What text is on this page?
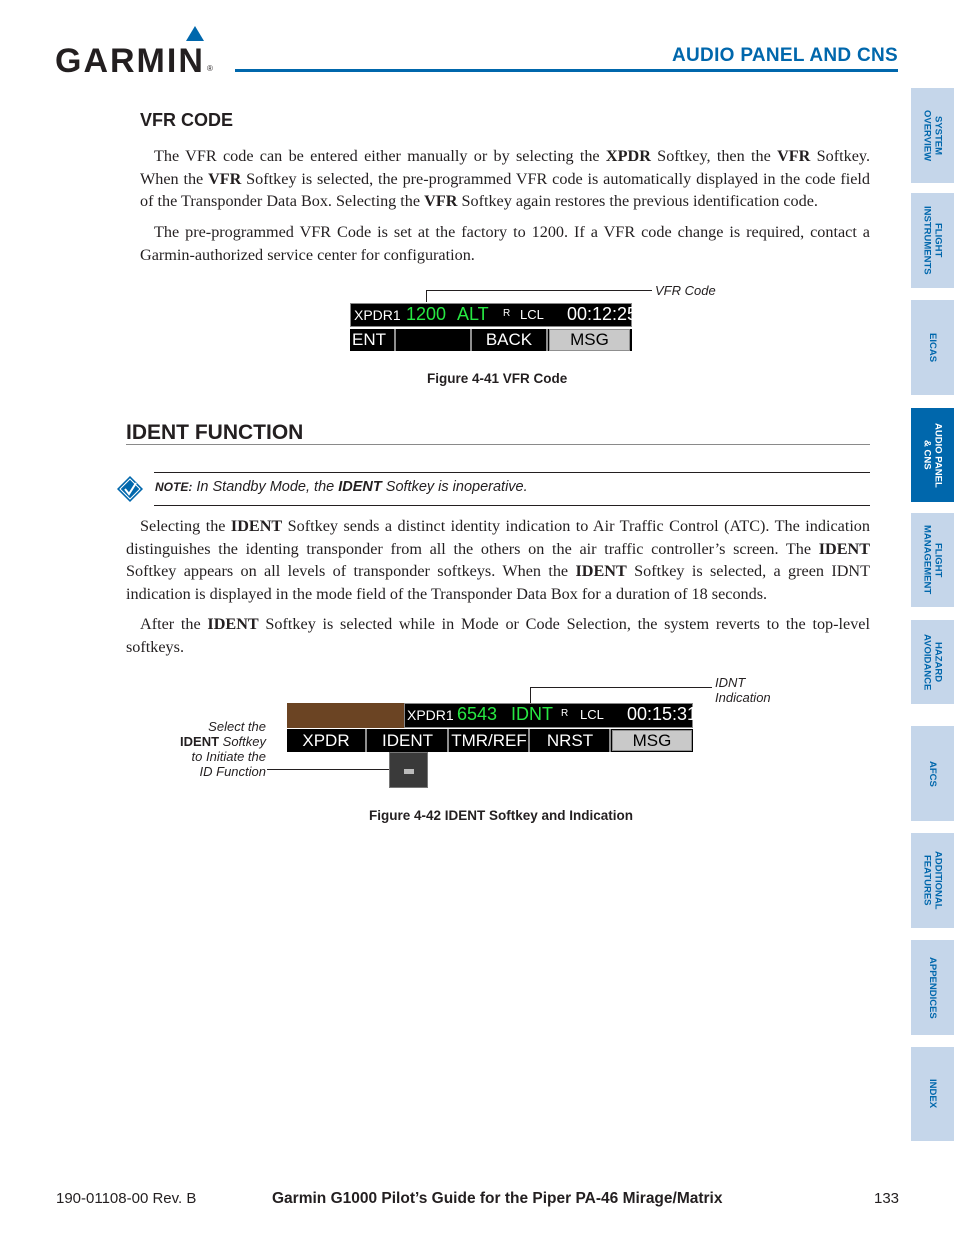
GARMIN ®
AUDIO PANEL AND CNS
SYSTEM
OVERVIEW
FLIGHT
INSTRUMENTS
EICAS
AUDIO PANEL
& CNS
FLIGHT
MANAGEMENT
HAZARD
AVOIDANCE
AFCS
ADDITIONAL
FEATURES
APPENDICES
INDEX
VFR CODE
The VFR code can be entered either manually or by selecting the XPDR Softkey, then the VFR Softkey. When the VFR Softkey is selected, the pre-programmed VFR code is automatically displayed in the code field of the Transponder Data Box. Selecting the VFR Softkey again restores the previous identification code.
The pre-programmed VFR Code is set at the factory to 1200. If a VFR code change is required, contact a Garmin-authorized service center for configuration.
VFR Code
XPDR1 1200 ALT R LCL 00:12:25
ENT	BACK	MSG
Figure 4-41 VFR Code
IDENT FUNCTION
NOTE: In Standby Mode, the IDENT Softkey is inoperative.
Selecting the IDENT Softkey sends a distinct identity indication to Air Traffic Control (ATC). The indication distinguishes the identing transponder from all the others on the air traffic controller’s screen. The IDENT Softkey appears on all levels of transponder softkeys. When the IDENT Softkey is selected, a green IDNT indication is displayed in the mode field of the Transponder Data Box for a duration of 18 seconds.
After the IDENT Softkey is selected while in Mode or Code Selection, the system reverts to the top-level softkeys.
IDNT
Indication
Select the
IDENT Softkey
to Initiate the
ID Function
XPDR1 6543 IDNT R LCL 00:15:31
XPDR	IDENT	TMR/REF	NRST	MSG
Figure 4-42 IDENT Softkey and Indication
190-01108-00 Rev. B	Garmin G1000 Pilot’s Guide for the Piper PA-46 Mirage/Matrix	133
